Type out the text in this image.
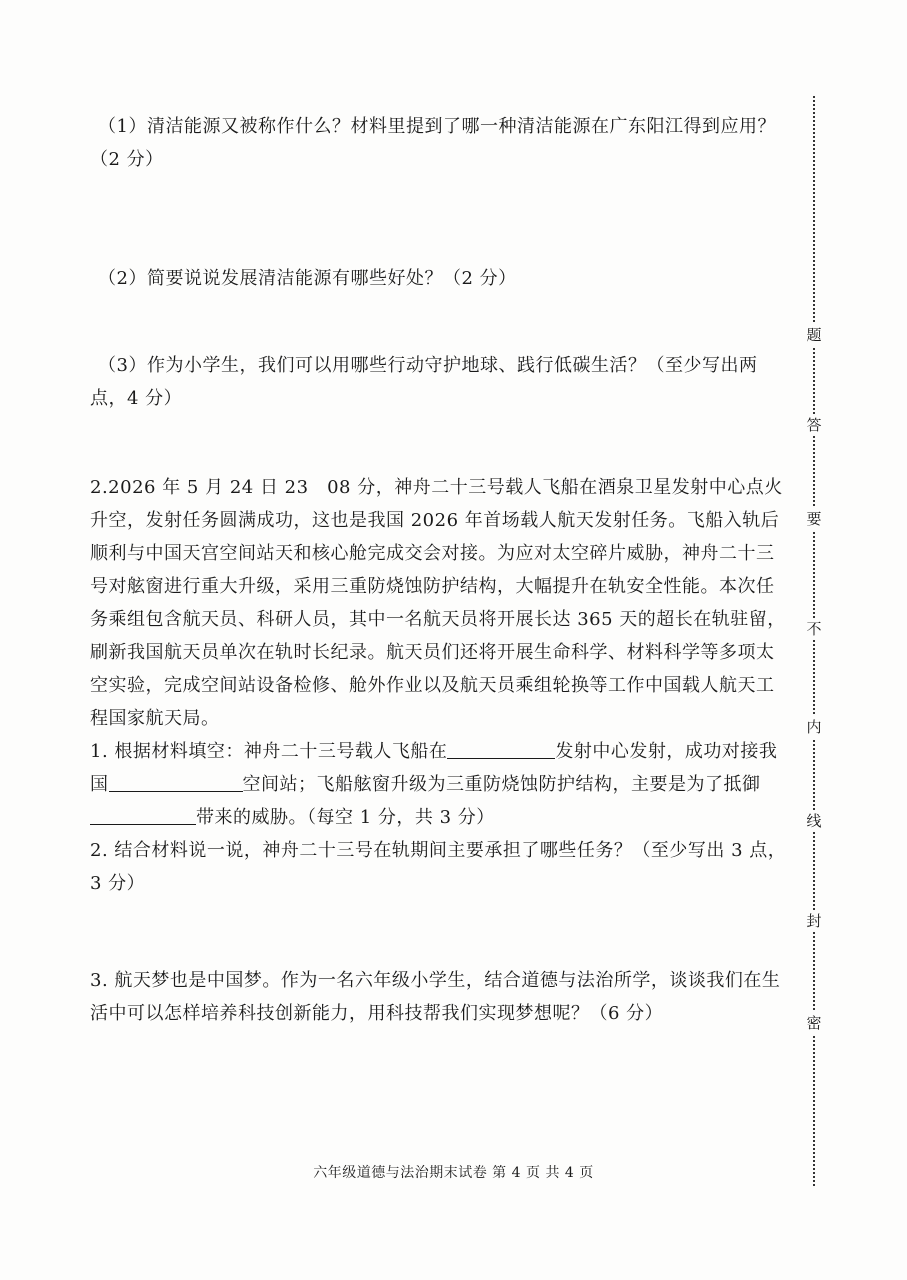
（1）清洁能源又被称作什么？材料里提到了哪一种清洁能源在广东阳江得到应用？（2 分）

（2）简要说说发展清洁能源有哪些好处？（2 分）

（3）作为小学生，我们可以用哪些行动守护地球、践行低碳生活？（至少写出两点，4 分）

2.2026 年 5 月 24 日 23　08 分，神舟二十三号载人飞船在酒泉卫星发射中心点火升空，发射任务圆满成功，这也是我国 2026 年首场载人航天发射任务。飞船入轨后顺利与中国天宫空间站天和核心舱完成交会对接。为应对太空碎片威胁，神舟二十三号对舷窗进行重大升级，采用三重防烧蚀防护结构，大幅提升在轨安全性能。本次任务乘组包含航天员、科研人员，其中一名航天员将开展长达 365 天的超长在轨驻留，刷新我国航天员单次在轨时长纪录。航天员们还将开展生命科学、材料科学等多项太空实验，完成空间站设备检修、舱外作业以及航天员乘组轮换等工作中国载人航天工程国家航天局。

1. 根据材料填空：神舟二十三号载人飞船在	发射中心发射，成功对接我国	空间站；飞船舷窗升级为三重防烧蚀防护结构，主要是为了抵御带来的威胁。（每空 1 分，共 3 分）

2. 结合材料说一说，神舟二十三号在轨期间主要承担了哪些任务？（至少写出 3 点，3 分）

3. 航天梦也是中国梦。作为一名六年级小学生，结合道德与法治所学，谈谈我们在生活中可以怎样培养科技创新能力，用科技帮我们实现梦想呢？（6 分）

六年级道德与法治期末试卷 第 4 页 共 4 页
题
答
要
不
内
线
封
密
